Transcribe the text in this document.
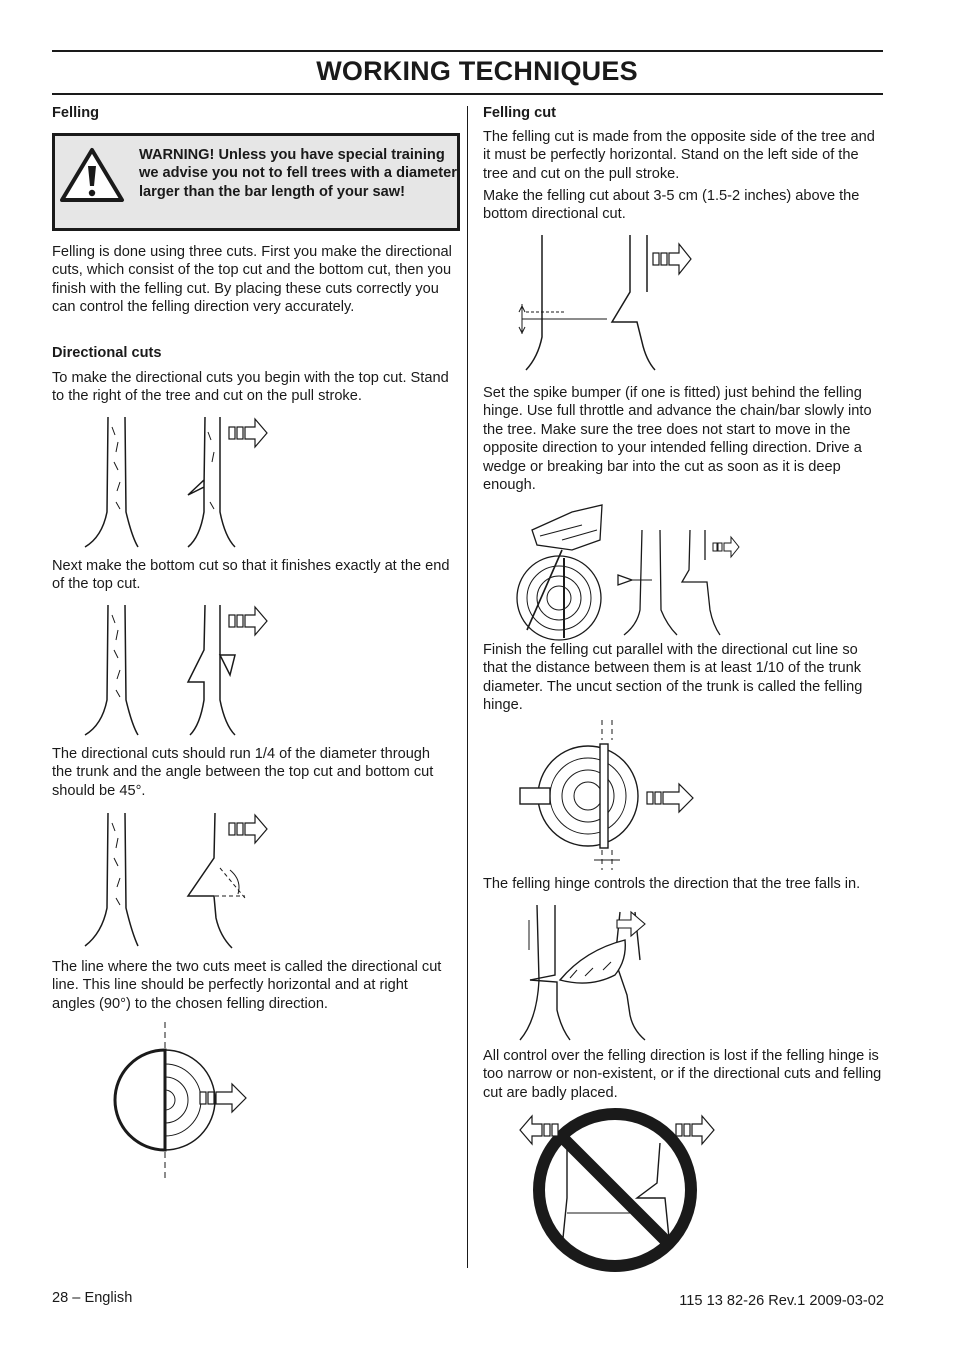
WORKING TECHNIQUES

Felling

WARNING! Unless you have special training we advise you not to fell trees with a diameter larger than the bar length of your saw!

Felling is done using three cuts. First you make the directional cuts, which consist of the top cut and the bottom cut, then you finish with the felling cut. By placing these cuts correctly you can control the felling direction very accurately.

Directional cuts

To make the directional cuts you begin with the top cut. Stand to the right of the tree and cut on the pull stroke.

Next make the bottom cut so that it finishes exactly at the end of the top cut.

The directional cuts should run 1/4 of the diameter through the trunk and the angle between the top cut and bottom cut should be 45°.

The line where the two cuts meet is called the directional cut line. This line should be perfectly horizontal and at right angles (90°) to the chosen felling direction.

Felling cut

The felling cut is made from the opposite side of the tree and it must be perfectly horizontal. Stand on the left side of the tree and cut on the pull stroke.

Make the felling cut about 3-5 cm (1.5-2 inches) above the bottom directional cut.

Set the spike bumper (if one is fitted) just behind the felling hinge. Use full throttle and advance the chain/bar slowly into the tree. Make sure the tree does not start to move in the opposite direction to your intended felling direction. Drive a wedge or breaking bar into the cut as soon as it is deep enough.

Finish the felling cut parallel with the directional cut line so that the distance between them is at least 1/10 of the trunk diameter. The uncut section of the trunk is called the felling hinge.

The felling hinge controls the direction that the tree falls in.

All control over the felling direction is lost if the felling hinge is too narrow or non-existent, or if the directional cuts and felling cut are badly placed.

28 – English	115 13 82-26 Rev.1 2009-03-02
